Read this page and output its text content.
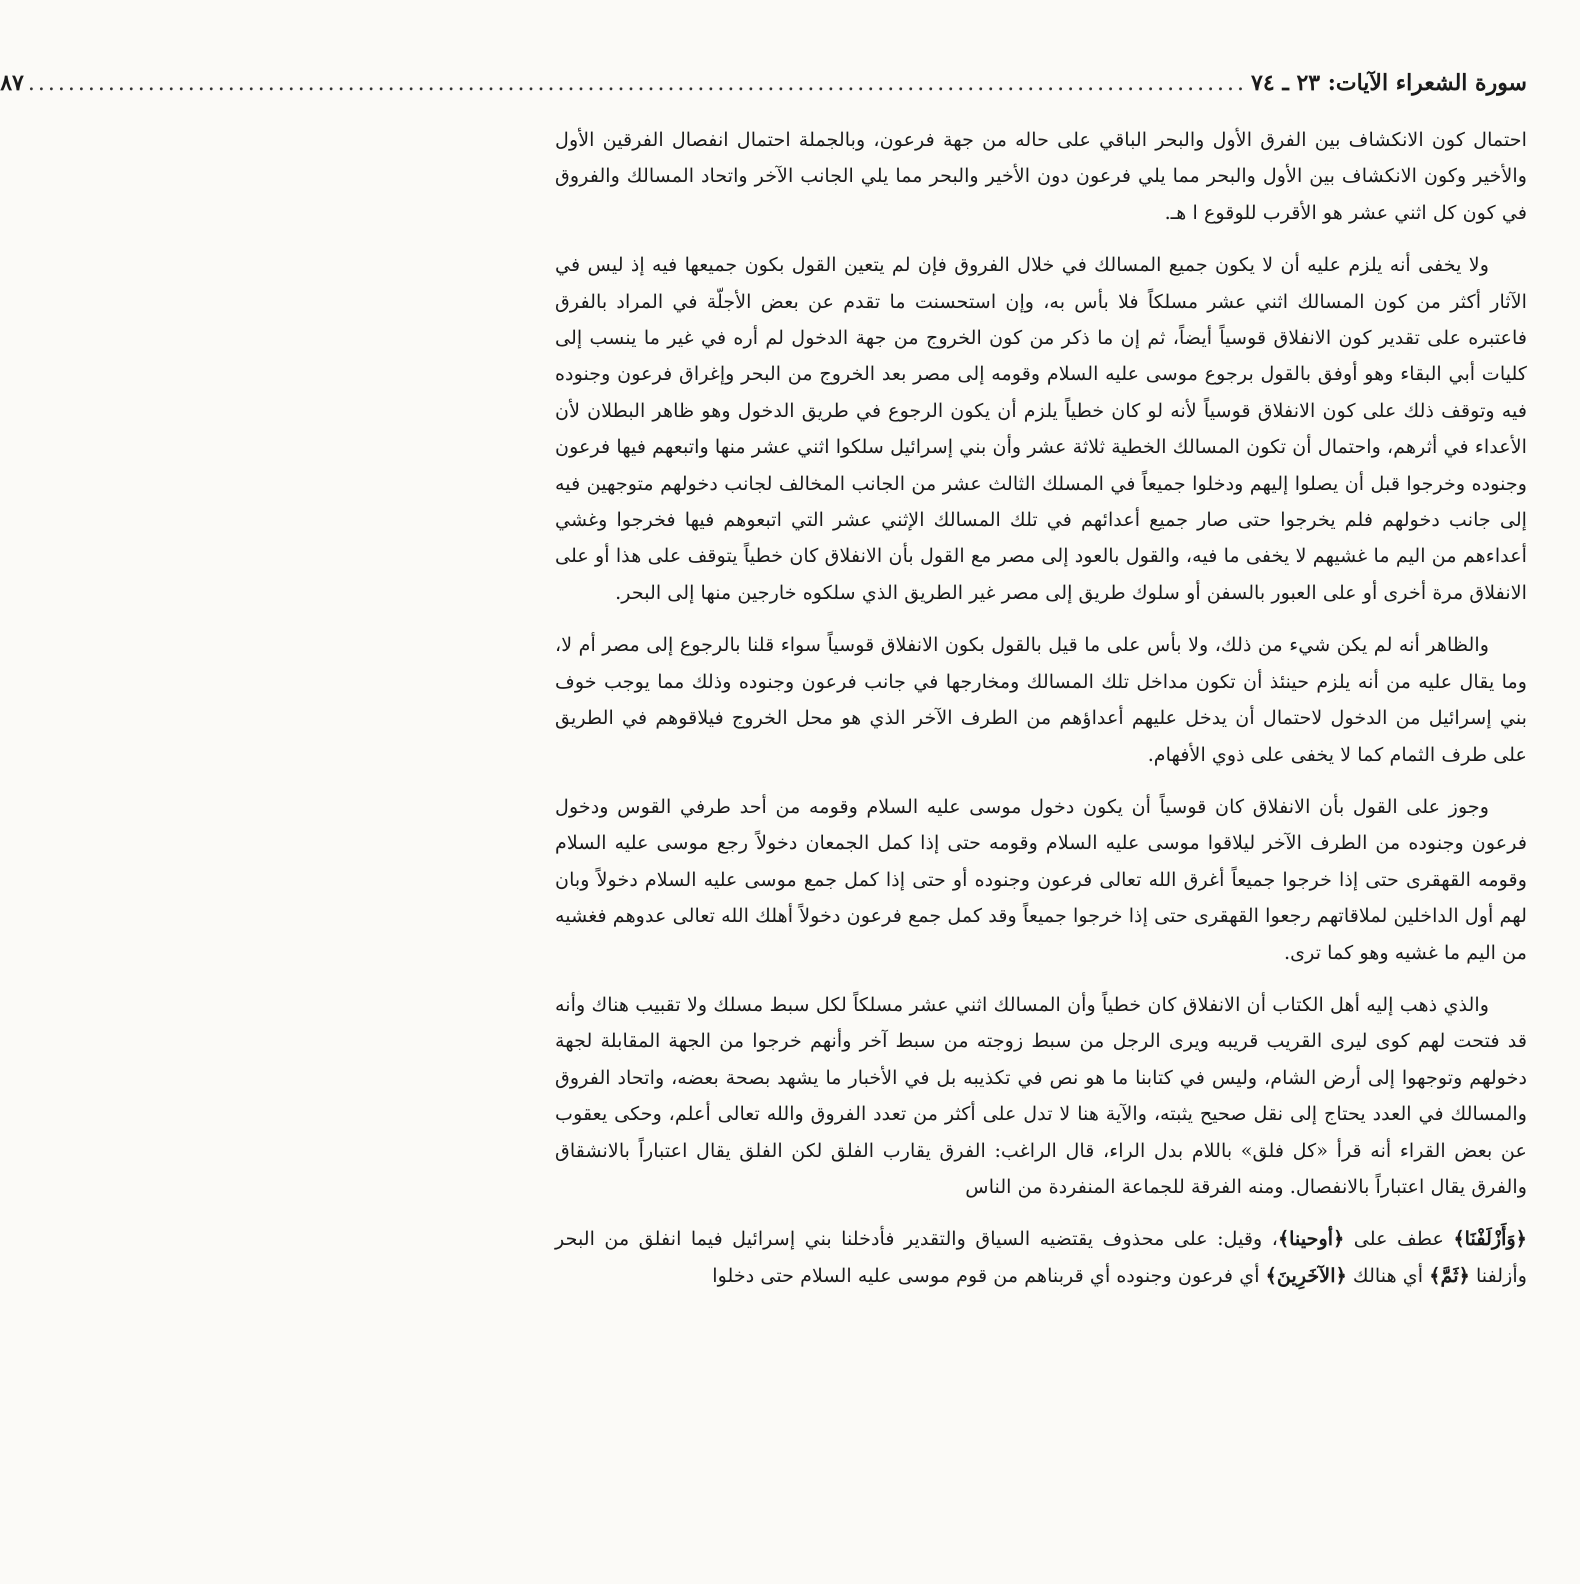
سورة الشعراء الآيات: ٢٣ ـ ٧٤
..........................................................................................................................
٨٧

احتمال كون الانكشاف بين الفرق الأول والبحر الباقي على حاله من جهة فرعون، وبالجملة احتمال انفصال الفرقين الأول والأخير وكون الانكشاف بين الأول والبحر مما يلي فرعون دون الأخير والبحر مما يلي الجانب الآخر واتحاد المسالك والفروق في كون كل اثني عشر هو الأقرب للوقوع ا هـ.

ولا يخفى أنه يلزم عليه أن لا يكون جميع المسالك في خلال الفروق فإن لم يتعين القول بكون جميعها فيه إذ ليس في الآثار أكثر من كون المسالك اثني عشر مسلكاً فلا بأس به، وإن استحسنت ما تقدم عن بعض الأجلّة في المراد بالفرق فاعتبره على تقدير كون الانفلاق قوسياً أيضاً، ثم إن ما ذكر من كون الخروج من جهة الدخول لم أره في غير ما ينسب إلى كليات أبي البقاء وهو أوفق بالقول برجوع موسى عليه السلام وقومه إلى مصر بعد الخروج من البحر وإغراق فرعون وجنوده فيه وتوقف ذلك على كون الانفلاق قوسياً لأنه لو كان خطياً يلزم أن يكون الرجوع في طريق الدخول وهو ظاهر البطلان لأن الأعداء في أثرهم، واحتمال أن تكون المسالك الخطية ثلاثة عشر وأن بني إسرائيل سلكوا اثني عشر منها واتبعهم فيها فرعون وجنوده وخرجوا قبل أن يصلوا إليهم ودخلوا جميعاً في المسلك الثالث عشر من الجانب المخالف لجانب دخولهم متوجهين فيه إلى جانب دخولهم فلم يخرجوا حتى صار جميع أعدائهم في تلك المسالك الإثني عشر التي اتبعوهم فيها فخرجوا وغشي أعداءهم من اليم ما غشيهم لا يخفى ما فيه، والقول بالعود إلى مصر مع القول بأن الانفلاق كان خطياً يتوقف على هذا أو على الانفلاق مرة أخرى أو على العبور بالسفن أو سلوك طريق إلى مصر غير الطريق الذي سلكوه خارجين منها إلى البحر.

والظاهر أنه لم يكن شيء من ذلك، ولا بأس على ما قيل بالقول بكون الانفلاق قوسياً سواء قلنا بالرجوع إلى مصر أم لا، وما يقال عليه من أنه يلزم حينئذ أن تكون مداخل تلك المسالك ومخارجها في جانب فرعون وجنوده وذلك مما يوجب خوف بني إسرائيل من الدخول لاحتمال أن يدخل عليهم أعداؤهم من الطرف الآخر الذي هو محل الخروج فيلاقوهم في الطريق على طرف الثمام كما لا يخفى على ذوي الأفهام.

وجوز على القول بأن الانفلاق كان قوسياً أن يكون دخول موسى عليه السلام وقومه من أحد طرفي القوس ودخول فرعون وجنوده من الطرف الآخر ليلاقوا موسى عليه السلام وقومه حتى إذا كمل الجمعان دخولاً رجع موسى عليه السلام وقومه القهقرى حتى إذا خرجوا جميعاً أغرق الله تعالى فرعون وجنوده أو حتى إذا كمل جمع موسى عليه السلام دخولاً وبان لهم أول الداخلين لملاقاتهم رجعوا القهقرى حتى إذا خرجوا جميعاً وقد كمل جمع فرعون دخولاً أهلك الله تعالى عدوهم فغشيه من اليم ما غشيه وهو كما ترى.

والذي ذهب إليه أهل الكتاب أن الانفلاق كان خطياً وأن المسالك اثني عشر مسلكاً لكل سبط مسلك ولا تقبيب هناك وأنه قد فتحت لهم كوى ليرى القريب قريبه ويرى الرجل من سبط زوجته من سبط آخر وأنهم خرجوا من الجهة المقابلة لجهة دخولهم وتوجهوا إلى أرض الشام، وليس في كتابنا ما هو نص في تكذيبه بل في الأخبار ما يشهد بصحة بعضه، واتحاد الفروق والمسالك في العدد يحتاج إلى نقل صحيح يثبته، والآية هنا لا تدل على أكثر من تعدد الفروق والله تعالى أعلم، وحكى يعقوب عن بعض القراء أنه قرأ «كل فلق» باللام بدل الراء، قال الراغب: الفرق يقارب الفلق لكن الفلق يقال اعتباراً بالانشقاق والفرق يقال اعتباراً بالانفصال. ومنه الفرقة للجماعة المنفردة من الناس

﴿وَأَزْلَفْنَا﴾ عطف على ﴿أوحينا﴾، وقيل: على محذوف يقتضيه السياق والتقدير فأدخلنا بني إسرائيل فيما انفلق من البحر وأزلفنا ﴿ثَمَّ﴾ أي هنالك ﴿الآخَرِينَ﴾ أي فرعون وجنوده أي قربناهم من قوم موسى عليه السلام حتى دخلوا
